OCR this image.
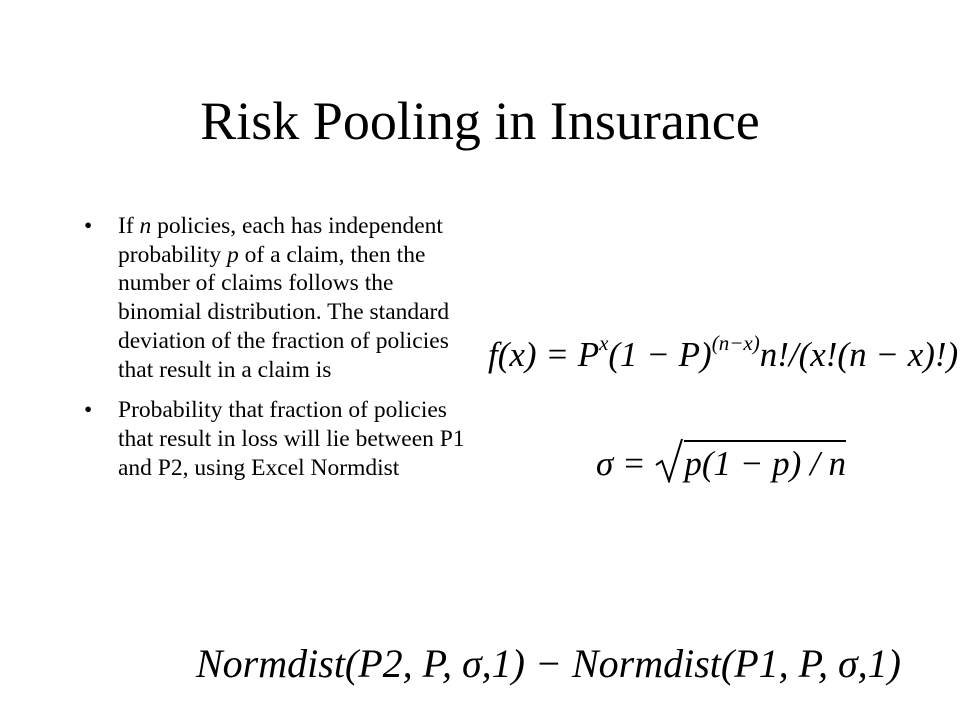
Risk Pooling in Insurance
• If n policies, each has independent probability p of a claim, then the number of claims follows the binomial distribution. The standard deviation of the fraction of policies that result in a claim is
• Probability that fraction of policies that result in loss will lie between P1 and P2, using Excel Normdist
$f(x) = P^x(1 - P)^{(n-x)}n!/(x!(n - x)!)$
σ =
p(1 − p) / n
Normdist(P2, P, σ,1) − Normdist(P1, P, σ,1)
